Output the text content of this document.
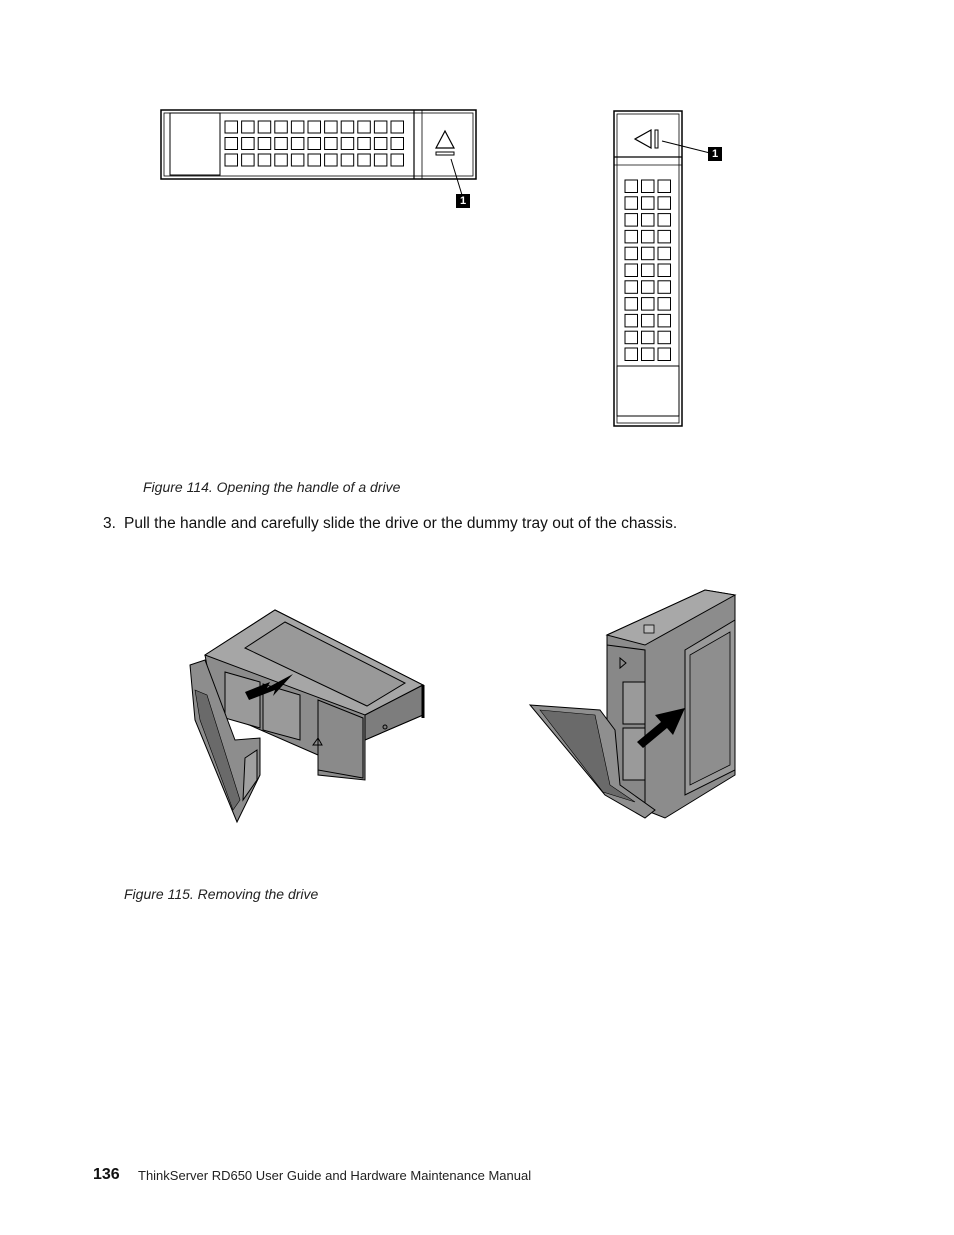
1
1
Figure 114. Opening the handle of a drive
3. Pull the handle and carefully slide the drive or the dummy tray out of the chassis.
Figure 115. Removing the drive
136 ThinkServer RD650 User Guide and Hardware Maintenance Manual
